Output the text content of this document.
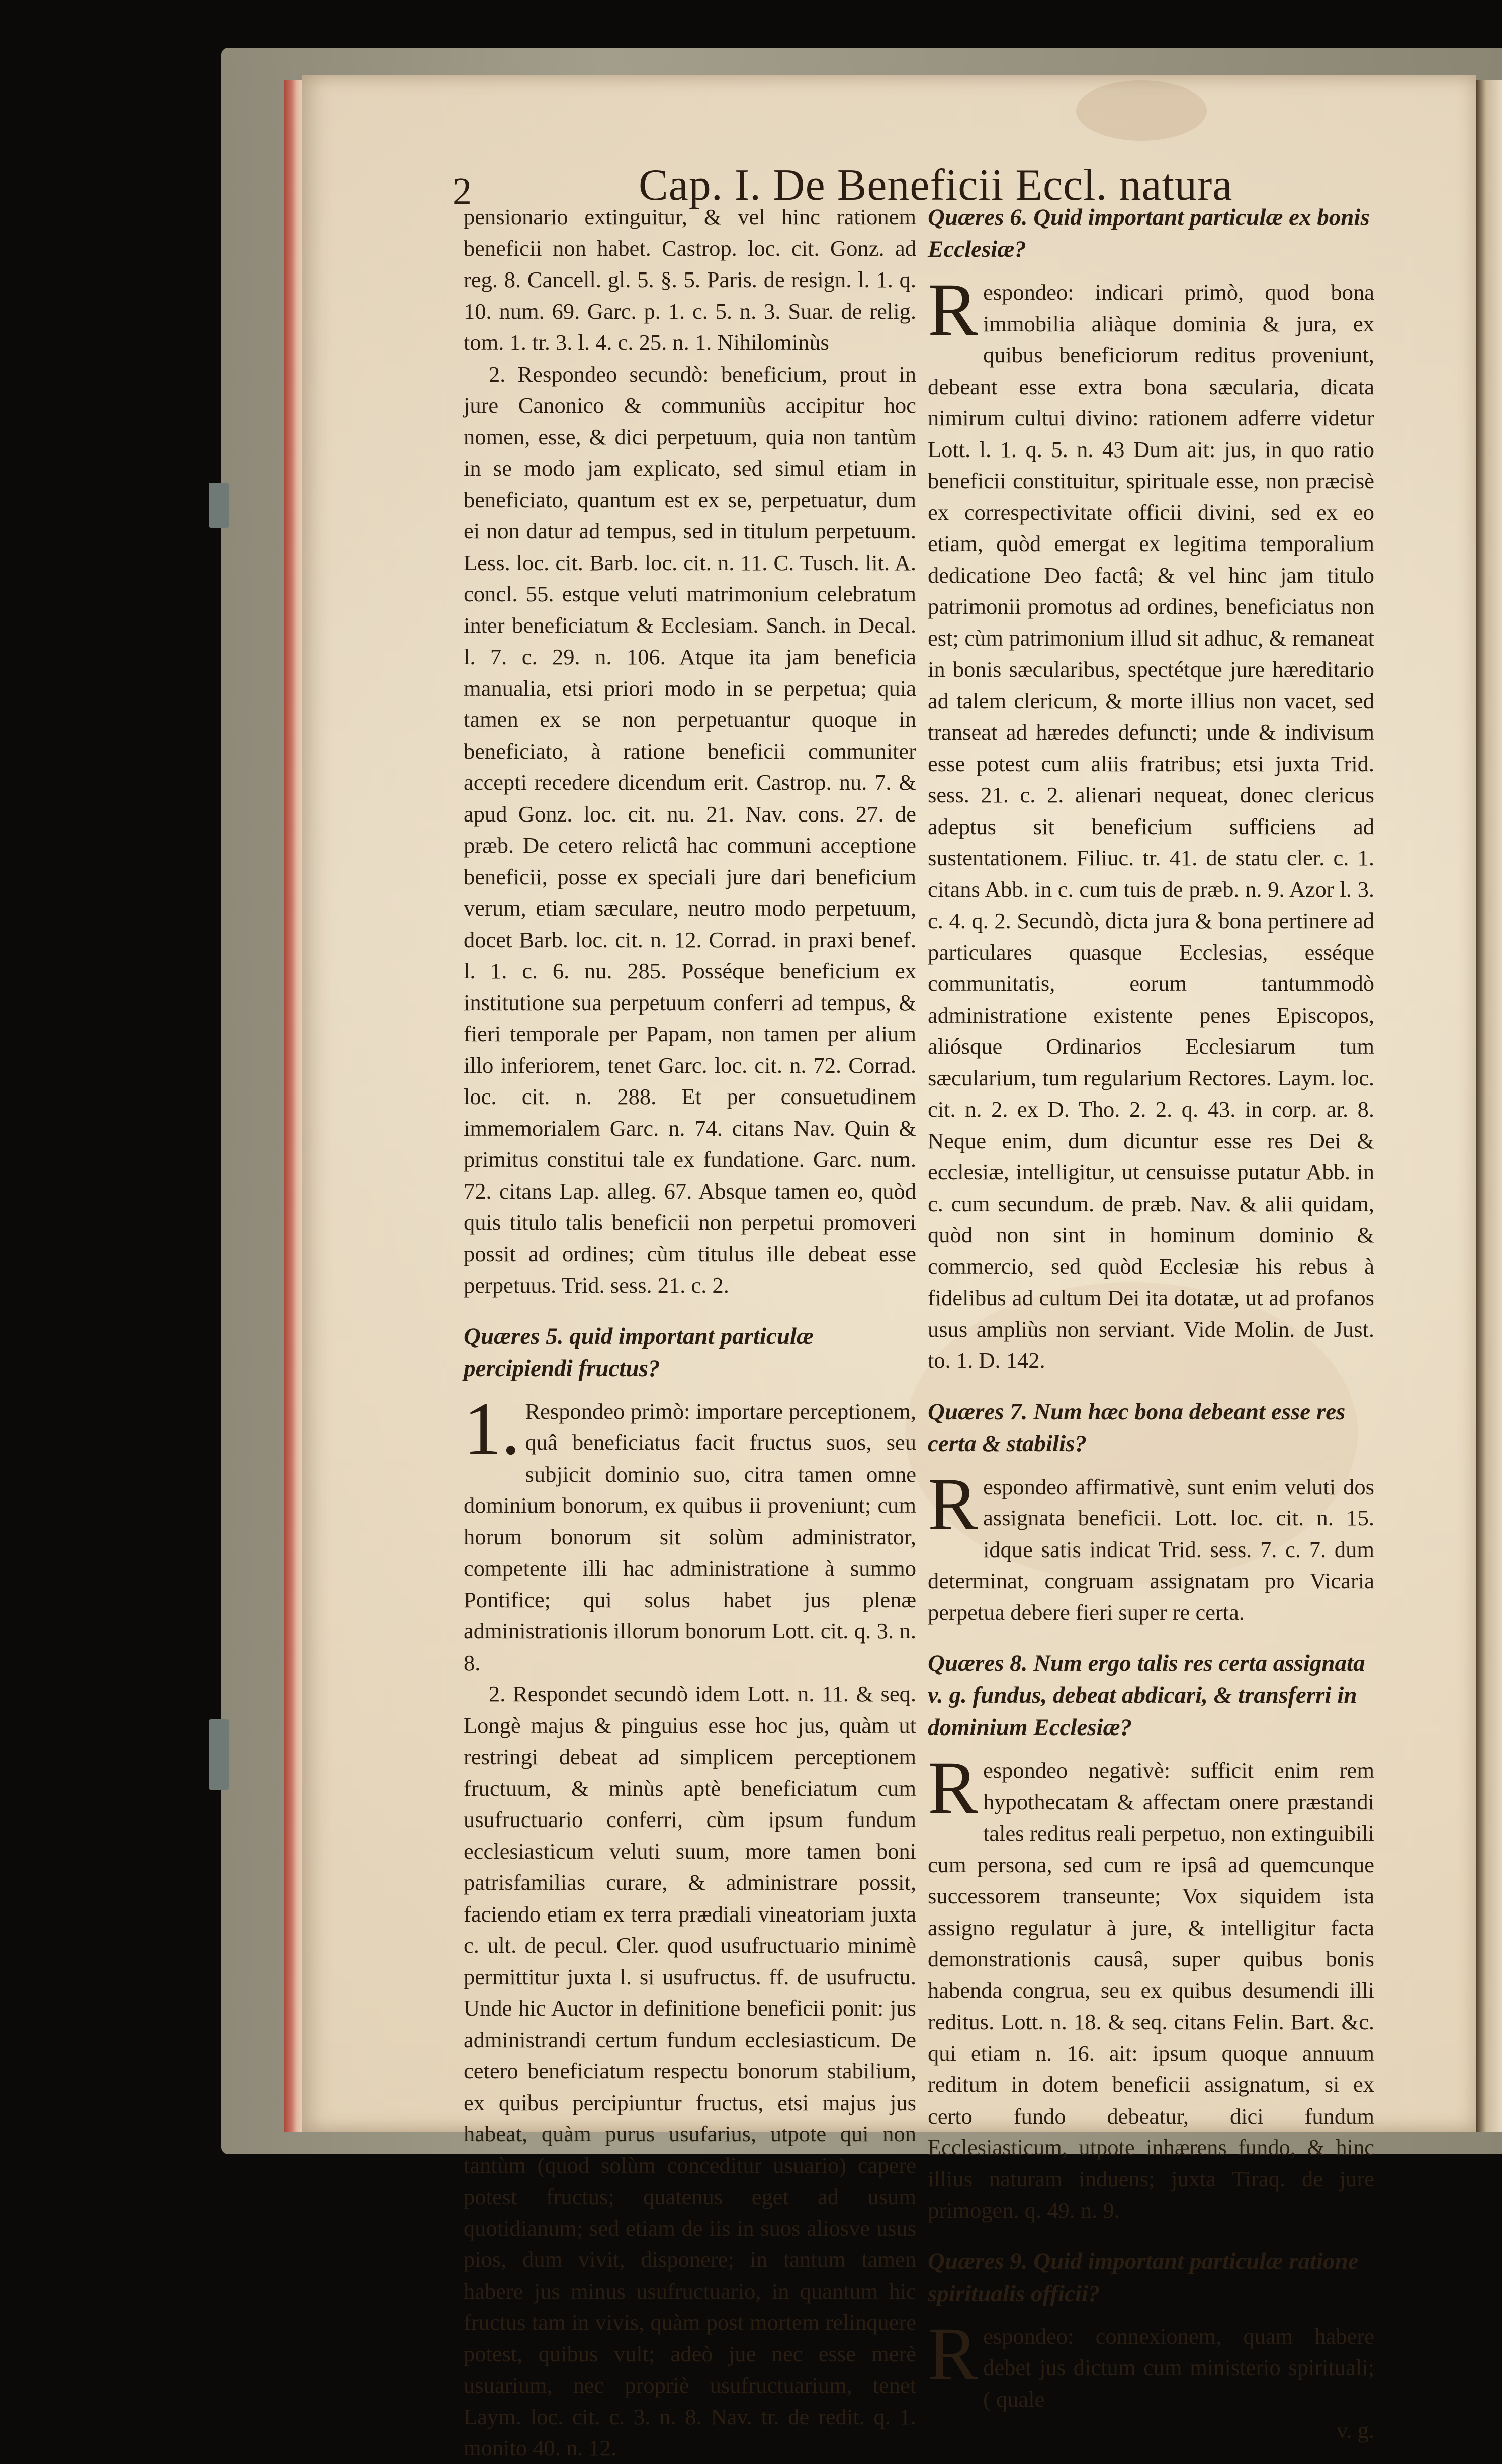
2	Cap. I. De Beneficii Eccl. natura

pensionario extinguitur, & vel hinc rationem beneficii non habet. Castrop. loc. cit. Gonz. ad reg. 8. Cancell. gl. 5. §. 5. Paris. de resign. l. 1. q. 10. num. 69. Garc. p. 1. c. 5. n. 3. Suar. de relig. tom. 1. tr. 3. l. 4. c. 25. n. 1. Nihilominùs

2. Respondeo secundò: beneficium, prout in jure Canonico & communiùs accipitur hoc nomen, esse, & dici perpetuum, quia non tantùm in se modo jam explicato, sed simul etiam in beneficiato, quantum est ex se, perpetuatur, dum ei non datur ad tempus, sed in titulum perpetuum. Less. loc. cit. Barb. loc. cit. n. 11. C. Tusch. lit. A. concl. 55. estque veluti matrimonium celebratum inter beneficiatum & Ecclesiam. Sanch. in Decal. l. 7. c. 29. n. 106. Atque ita jam beneficia manualia, etsi priori modo in se perpetua; quia tamen ex se non perpetuantur quoque in beneficiato, à ratione beneficii communiter accepti recedere dicendum erit. Castrop. nu. 7. & apud Gonz. loc. cit. nu. 21. Nav. cons. 27. de præb. De cetero relictâ hac communi acceptione beneficii, posse ex speciali jure dari beneficium verum, etiam sæculare, neutro modo perpetuum, docet Barb. loc. cit. n. 12. Corrad. in praxi benef. l. 1. c. 6. nu. 285. Posséque beneficium ex institutione sua perpetuum conferri ad tempus, & fieri temporale per Papam, non tamen per alium illo inferiorem, tenet Garc. loc. cit. n. 72. Corrad. loc. cit. n. 288. Et per consuetudinem immemorialem Garc. n. 74. citans Nav. Quin & primitus constitui tale ex fundatione. Garc. num. 72. citans Lap. alleg. 67. Absque tamen eo, quòd quis titulo talis beneficii non perpetui promoveri possit ad ordines; cùm titulus ille debeat esse perpetuus. Trid. sess. 21. c. 2.

Quæres 5. quid important particulæ percipiendi fructus?

1.Respondeo primò: importare perceptionem, quâ beneficiatus facit fructus suos, seu subjicit dominio suo, citra tamen omne dominium bonorum, ex quibus ii proveniunt; cum horum bonorum sit solùm administrator, competente illi hac administratione à summo Pontifice; qui solus habet jus plenæ administrationis illorum bonorum Lott. cit. q. 3. n. 8.

2. Respondet secundò idem Lott. n. 11. & seq. Longè majus & pinguius esse hoc jus, quàm ut restringi debeat ad simplicem perceptionem fructuum, & minùs aptè beneficiatum cum usufructuario conferri, cùm ipsum fundum ecclesiasticum veluti suum, more tamen boni patrisfamilias curare, & administrare possit, faciendo etiam ex terra prædiali vineatoriam juxta c. ult. de pecul. Cler. quod usufructuario minimè permittitur juxta l. si usufructus. ff. de usufructu. Unde hic Auctor in definitione beneficii ponit: jus administrandi certum fundum ecclesiasticum. De cetero beneficiatum respectu bonorum stabilium, ex quibus percipiuntur fructus, etsi majus jus habeat, quàm purus usufarius, utpote qui non tantùm (quod solùm conceditur usuario) capere potest fructus; quatenus eget ad usum quotidianum; sed etiam de iis in suos aliosve usus pios, dum vivit, disponere; in tantum tamen habere jus minus usufructuario, in quantum hic fructus tam in vivis, quàm post mortem relinquere potest, quibus vult; adeò jue nec esse merè usuarium, nec propriè usufructuarium, tenet Laym. loc. cit. c. 3. n. 8. Nav. tr. de redit. q. 1. monito 40. n. 12.

Quæres 6. Quid important particulæ ex bonis Ecclesiæ?

Respondeo: indicari primò, quod bona immobilia aliàque dominia & jura, ex quibus beneficiorum reditus proveniunt, debeant esse extra bona sæcularia, dicata nimirum cultui divino: rationem adferre videtur Lott. l. 1. q. 5. n. 43 Dum ait: jus, in quo ratio beneficii constituitur, spirituale esse, non præcisè ex correspectivitate officii divini, sed ex eo etiam, quòd emergat ex legitima temporalium dedicatione Deo factâ; & vel hinc jam titulo patrimonii promotus ad ordines, beneficiatus non est; cùm patrimonium illud sit adhuc, & remaneat in bonis sæcularibus, spectétque jure hæreditario ad talem clericum, & morte illius non vacet, sed transeat ad hæredes defuncti; unde & indivisum esse potest cum aliis fratribus; etsi juxta Trid. sess. 21. c. 2. alienari nequeat, donec clericus adeptus sit beneficium sufficiens ad sustentationem. Filiuc. tr. 41. de statu cler. c. 1. citans Abb. in c. cum tuis de præb. n. 9. Azor l. 3. c. 4. q. 2. Secundò, dicta jura & bona pertinere ad particulares quasque Ecclesias, esséque communitatis, eorum tantummodò administratione existente penes Episcopos, aliósque Ordinarios Ecclesiarum tum sæcularium, tum regularium Rectores. Laym. loc. cit. n. 2. ex D. Tho. 2. 2. q. 43. in corp. ar. 8. Neque enim, dum dicuntur esse res Dei & ecclesiæ, intelligitur, ut censuisse putatur Abb. in c. cum secundum. de præb. Nav. & alii quidam, quòd non sint in hominum dominio & commercio, sed quòd Ecclesiæ his rebus à fidelibus ad cultum Dei ita dotatæ, ut ad profanos usus ampliùs non serviant. Vide Molin. de Just. to. 1. D. 142.

Quæres 7. Num hæc bona debeant esse res certa & stabilis?

Respondeo affirmativè, sunt enim veluti dos assignata beneficii. Lott. loc. cit. n. 15. idque satis indicat Trid. sess. 7. c. 7. dum determinat, congruam assignatam pro Vicaria perpetua debere fieri super re certa.

Quæres 8. Num ergo talis res certa assignata v. g. fundus, debeat abdicari, & transferri in dominium Ecclesiæ?

Respondeo negativè: sufficit enim rem hypothecatam & affectam onere præstandi tales reditus reali perpetuo, non extinguibili cum persona, sed cum re ipsâ ad quemcunque successorem transeunte; Vox siquidem ista assigno regulatur à jure, & intelligitur facta demonstrationis causâ, super quibus bonis habenda congrua, seu ex quibus desumendi illi reditus. Lott. n. 18. & seq. citans Felin. Bart. &c. qui etiam n. 16. ait: ipsum quoque annuum reditum in dotem beneficii assignatum, si ex certo fundo debeatur, dici fundum Ecclesiasticum, utpote inhærens fundo, & hinc illius naturam induens; juxta Tiraq. de jure primogen. q. 49. n. 9.

Quæres 9. Quid important particulæ ratione spiritualis officii?

Respondeo: connexionem, quam habere debet jus dictum cum ministerio spirituali; ( quale

v. g.
